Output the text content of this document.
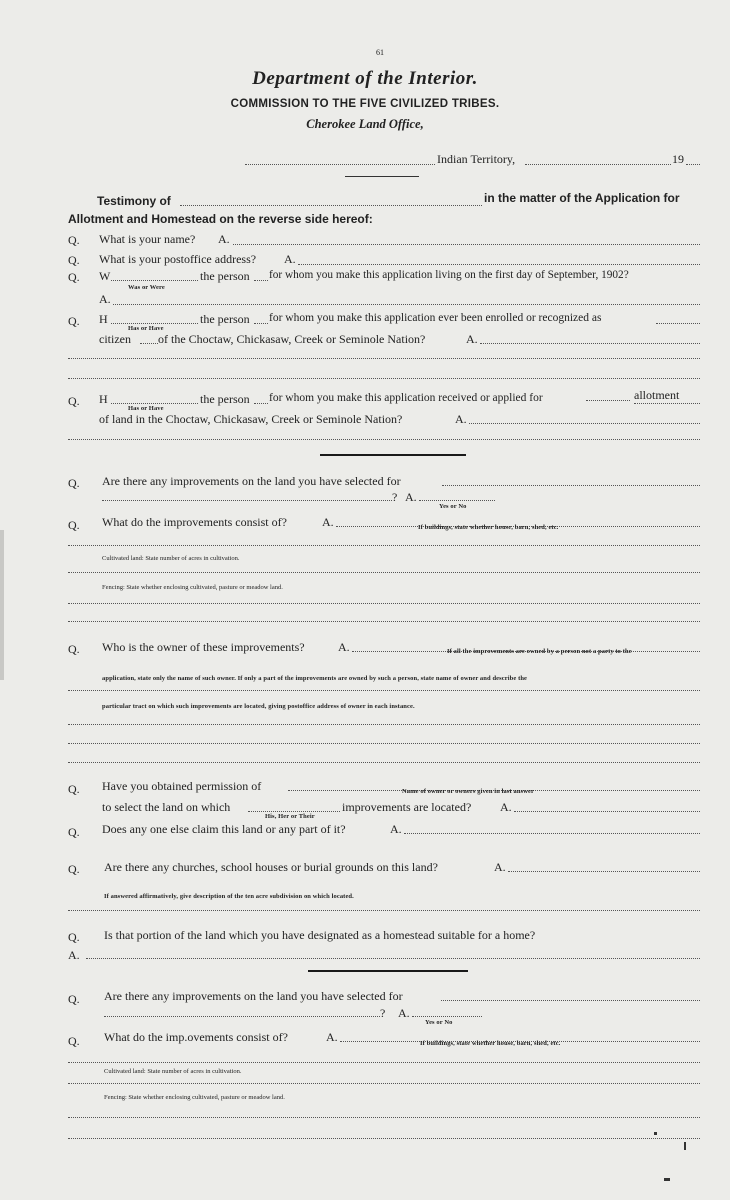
61
Department of the Interior.
COMMISSION TO THE FIVE CIVILIZED TRIBES.
Cherokee Land Office,
Indian Territory,	19
Testimony of	in the matter of the Application for
Allotment and Homestead on the reverse side hereof:
Q. What is your name? A.
Q. What is your postoffice address? A.
Q. W	the person for whom you make this application living on the first day of September, 1902?
Was or Were
A.
Q. H	the person for whom you make this application ever been enrolled or recognized as
Has or Have
citizen of the Choctaw, Chickasaw, Creek or Seminole Nation?	A.
Q. H	the person for whom you make this application received or applied for	allotment
Has or Have
of land in the Choctaw, Chickasaw, Creek or Seminole Nation?	A.
Q. Are there any improvements on the land you have selected for
? A.
Yes or No
Q. What do the improvements consist of?	A.	If buildings, state whether house, barn, shed, etc.
Cultivated land: State number of acres in cultivation.
Fencing: State whether enclosing cultivated, pasture or meadow land.
Q. Who is the owner of these improvements?	A.	If all the improvements are owned by a person not a party to the
application, state only the name of such owner. If only a part of the improvements are owned by such a person, state name of owner and describe the
particular tract on which such improvements are located, giving postoffice address of owner in each instance.
Q. Have you obtained permission of	Name of owner or owners given in last answer
to select the land on which	improvements are located? A.
His, Her or Their
Q. Does any one else claim this land or any part of it?	A.
Q. Are there any churches, school houses or burial grounds on this land?	A.
If answered affirmatively, give description of the ten acre subdivision on which located.
Q. Is that portion of the land which you have designated as a homestead suitable for a home?
A.
Q. Are there any improvements on the land you have selected for
? A.
Yes or No
Q. What do the imp.ovements consist of?	A.	If buildings, state whether house, barn, shed, etc.
Cultivated land: State number of acres in cultivation.
Fencing: State whether enclosing cultivated, pasture or meadow land.
